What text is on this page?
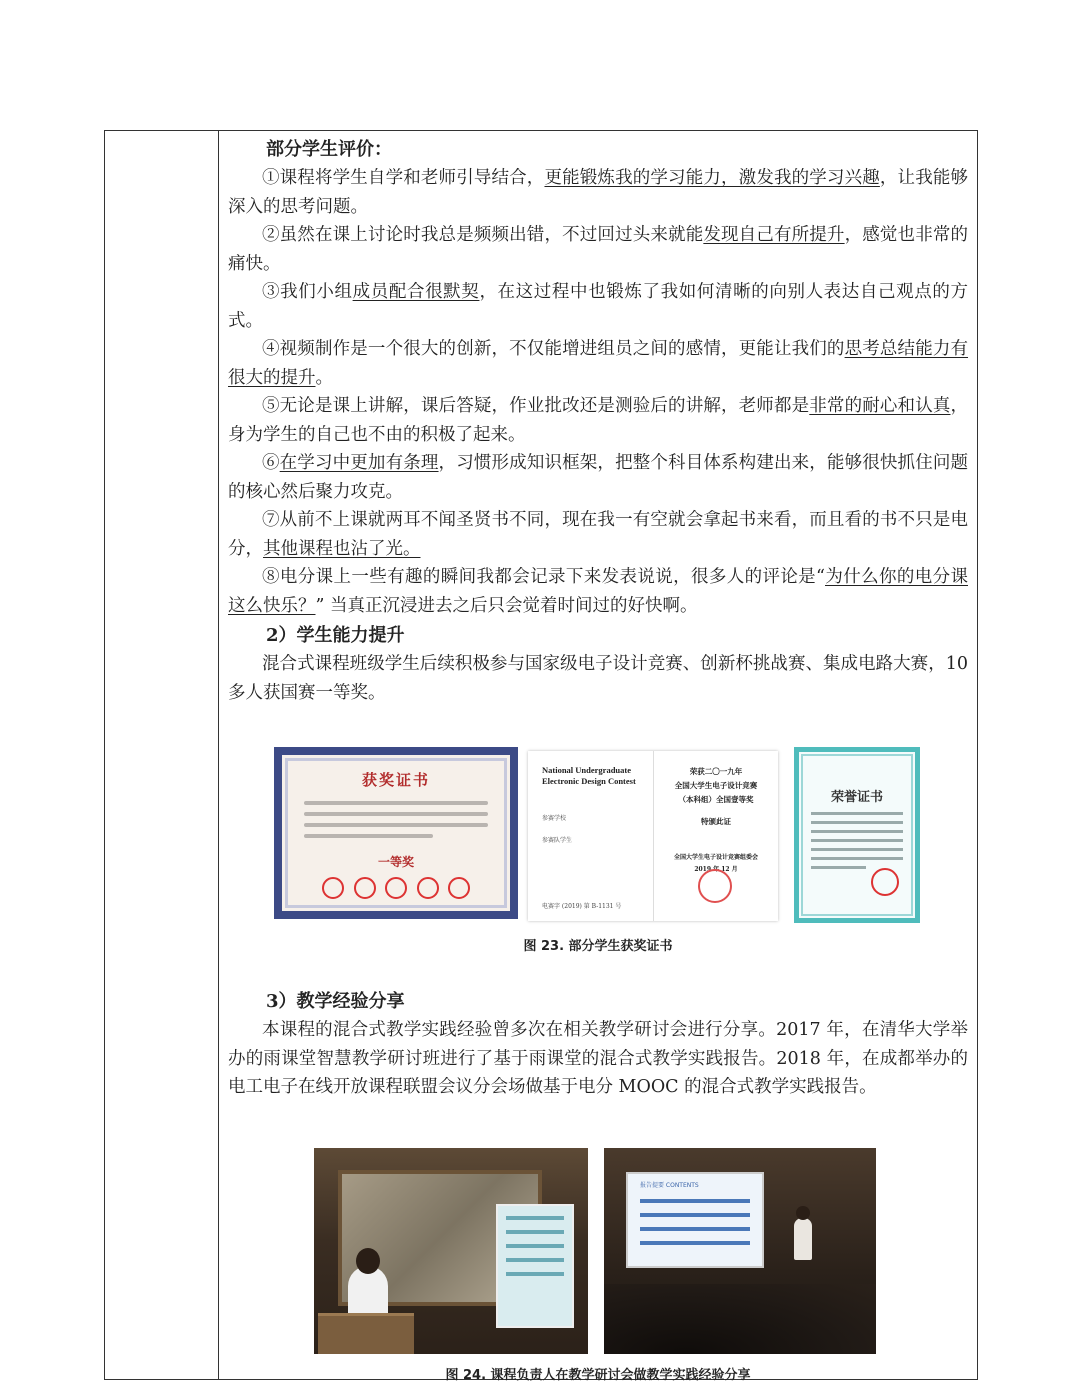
部分学生评价：

①课程将学生自学和老师引导结合，更能锻炼我的学习能力，激发我的学习兴趣，让我能够深入的思考问题。

②虽然在课上讨论时我总是频频出错，不过回过头来就能发现自己有所提升，感觉也非常的痛快。

③我们小组成员配合很默契，在这过程中也锻炼了我如何清晰的向别人表达自己观点的方式。

④视频制作是一个很大的创新，不仅能增进组员之间的感情，更能让我们的思考总结能力有很大的提升。

⑤无论是课上讲解，课后答疑，作业批改还是测验后的讲解，老师都是非常的耐心和认真，身为学生的自己也不由的积极了起来。

⑥在学习中更加有条理，习惯形成知识框架，把整个科目体系构建出来，能够很快抓住问题的核心然后聚力攻克。

⑦从前不上课就两耳不闻圣贤书不同，现在我一有空就会拿起书来看，而且看的书不只是电分，其他课程也沾了光。

⑧电分课上一些有趣的瞬间我都会记录下来发表说说，很多人的评论是“为什么你的电分课这么快乐？” 当真正沉浸进去之后只会觉着时间过的好快啊。

2）学生能力提升

混合式课程班级学生后续积极参与国家级电子设计竞赛、创新杯挑战赛、集成电路大赛，10多人获国赛一等奖。

获奖证书
一等奖
National Undergraduate Electronic Design Contest
参赛学校
参赛队学生
电赛字 (2019) 第 B-1131 号
荣获二〇一九年
全国大学生电子设计竞赛
（本科组）全国壹等奖
特颁此证
全国大学生电子设计竞赛组委会
2019 年 12 月
荣誉证书
图 23. 部分学生获奖证书

3）教学经验分享

本课程的混合式教学实践经验曾多次在相关教学研讨会进行分享。2017 年，在清华大学举办的雨课堂智慧教学研讨班进行了基于雨课堂的混合式教学实践报告。2018 年，在成都举办的电工电子在线开放课程联盟会议分会场做基于电分 MOOC 的混合式教学实践报告。

报告提要 CONTENTS
图 24. 课程负责人在教学研讨会做教学实践经验分享
